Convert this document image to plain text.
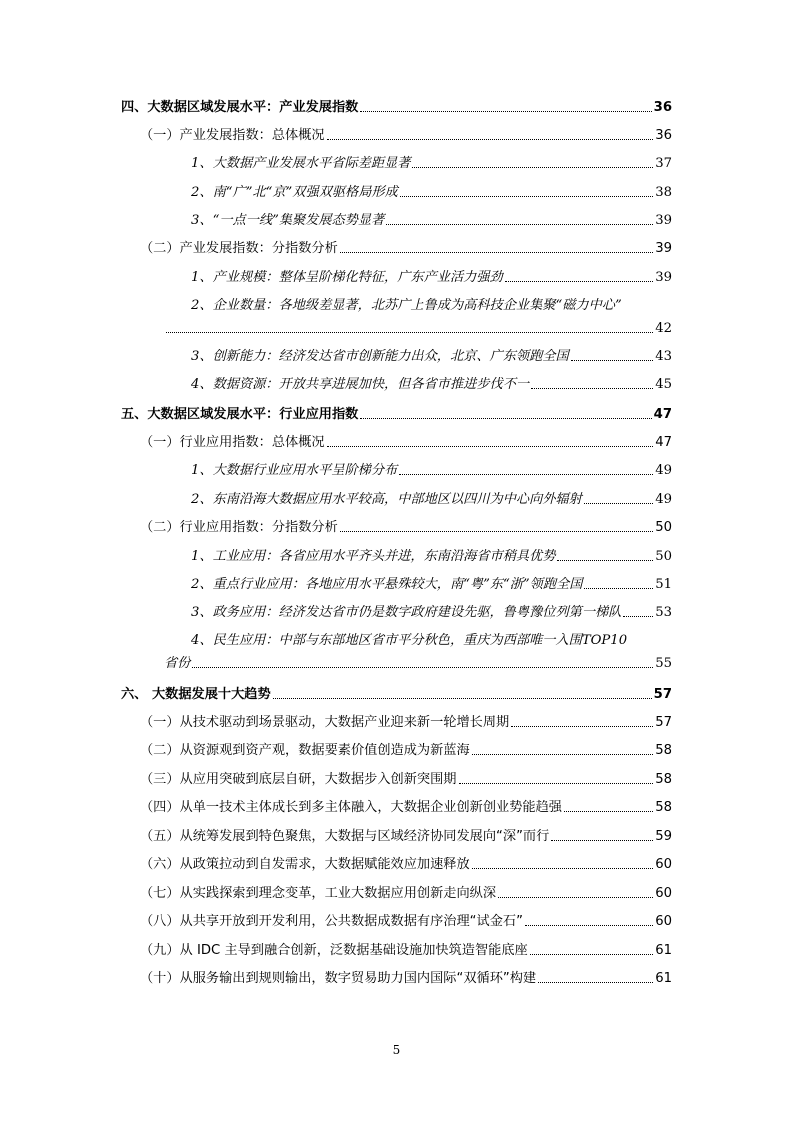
四、大数据区域发展水平：产业发展指数	36
（一）产业发展指数：总体概况	36
1、大数据产业发展水平省际差距显著	37
2、南“广”北“京”双强双驱格局形成	38
3、“一点一线”集聚发展态势显著	39
（二）产业发展指数：分指数分析	39
1、产业规模：整体呈阶梯化特征，广东产业活力强劲	39
2、企业数量：各地级差显著，北苏广上鲁成为高科技企业集聚“磁力中心”
42
3、创新能力：经济发达省市创新能力出众，北京、广东领跑全国	43
4、数据资源：开放共享进展加快，但各省市推进步伐不一	45
五、大数据区域发展水平：行业应用指数	47
（一）行业应用指数：总体概况	47
1、大数据行业应用水平呈阶梯分布	49
2、东南沿海大数据应用水平较高，中部地区以四川为中心向外辐射	49
（二）行业应用指数：分指数分析	50
1、工业应用：各省应用水平齐头并进，东南沿海省市稍具优势	50
2、重点行业应用：各地应用水平悬殊较大，南“粤”东“浙”领跑全国	51
3、政务应用：经济发达省市仍是数字政府建设先驱，鲁粤豫位列第一梯队	53
4、民生应用：中部与东部地区省市平分秋色，重庆为西部唯一入围TOP10
省份	55
六、 大数据发展十大趋势	57
（一）从技术驱动到场景驱动，大数据产业迎来新一轮增长周期	57
（二）从资源观到资产观，数据要素价值创造成为新蓝海	58
（三）从应用突破到底层自研，大数据步入创新突围期	58
（四）从单一技术主体成长到多主体融入，大数据企业创新创业势能趋强	58
（五）从统筹发展到特色聚焦，大数据与区域经济协同发展向“深”而行	59
（六）从政策拉动到自发需求，大数据赋能效应加速释放	60
（七）从实践探索到理念变革，工业大数据应用创新走向纵深	60
（八）从共享开放到开发利用，公共数据成数据有序治理“试金石”	60
（九）从 IDC 主导到融合创新，泛数据基础设施加快筑造智能底座	61
（十）从服务输出到规则输出，数字贸易助力国内国际“双循环”构建	61
5
